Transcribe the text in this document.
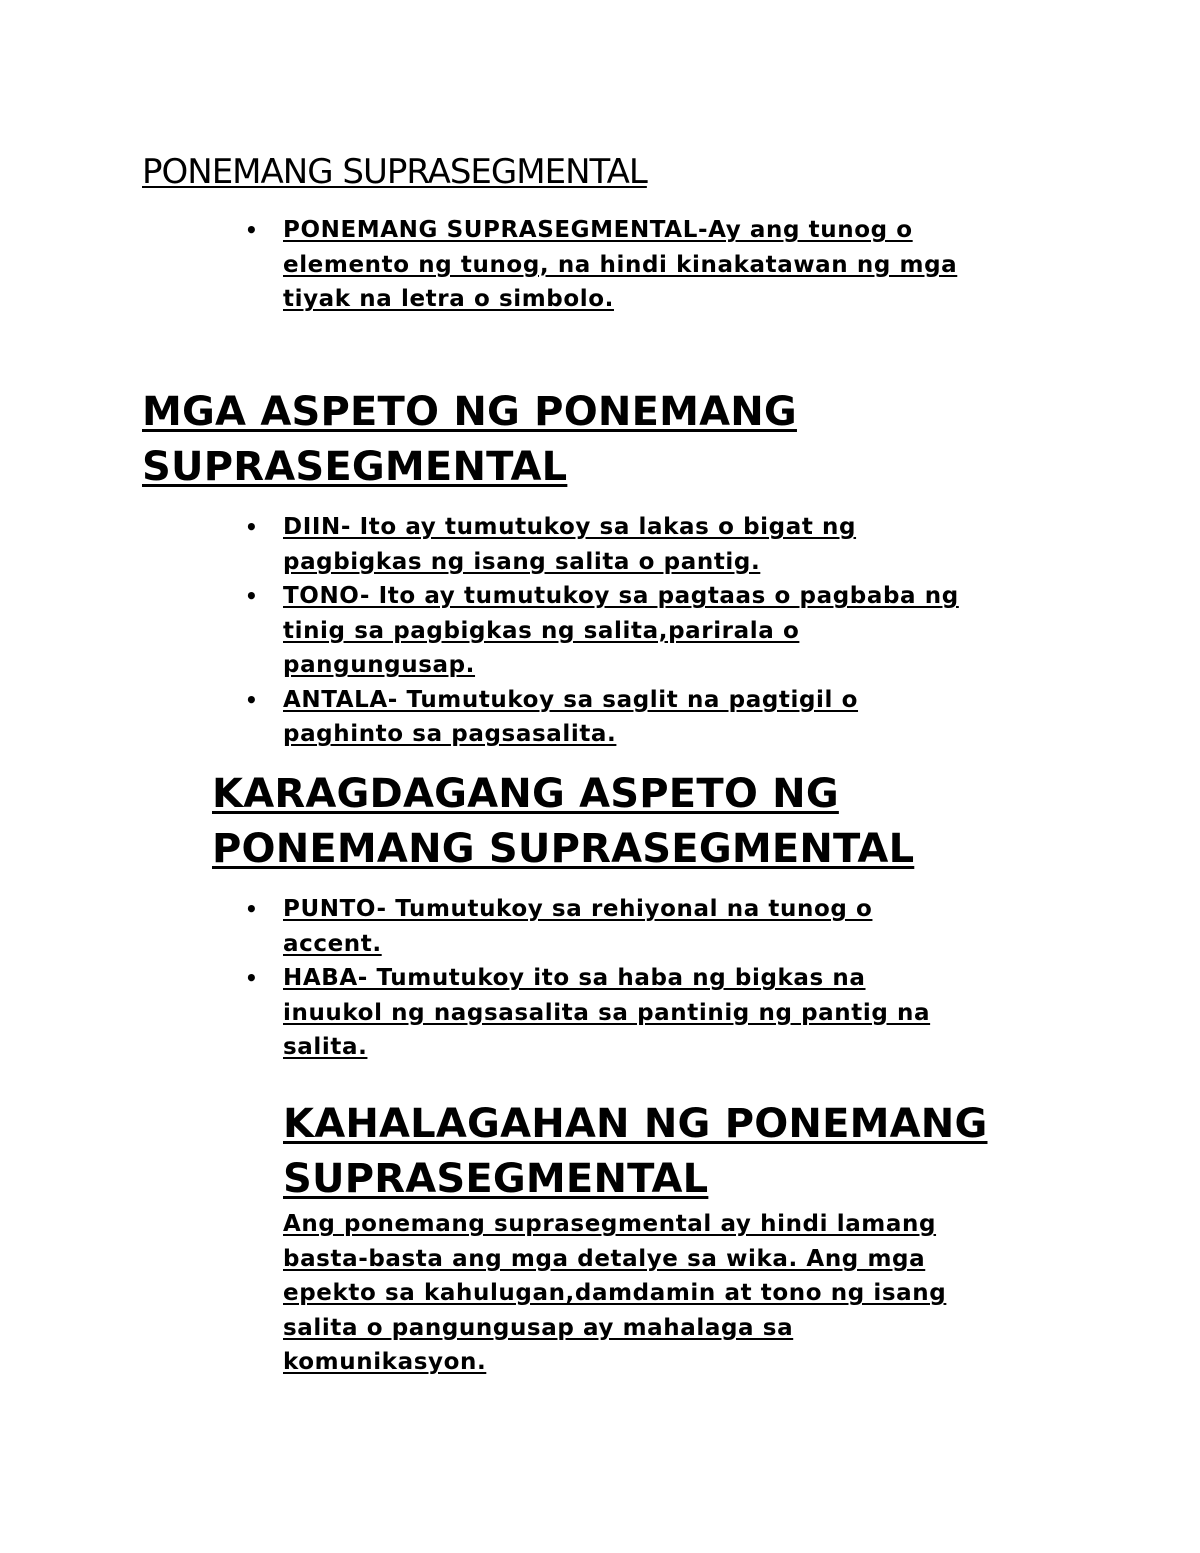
PONEMANG SUPRASEGMENTAL
• PONEMANG SUPRASEGMENTAL-Ay ang tunog o
elemento ng tunog, na hindi kinakatawan ng mga
tiyak na letra o simbolo.
MGA ASPETO NG PONEMANG
SUPRASEGMENTAL
• DIIN- Ito ay tumutukoy sa lakas o bigat ng
pagbigkas ng isang salita o pantig.
• TONO- Ito ay tumutukoy sa pagtaas o pagbaba ng
tinig sa pagbigkas ng salita,parirala o
pangungusap.
• ANTALA- Tumutukoy sa saglit na pagtigil o
paghinto sa pagsasalita.
KARAGDAGANG ASPETO NG
PONEMANG SUPRASEGMENTAL
• PUNTO- Tumutukoy sa rehiyonal na tunog o
accent.
• HABA- Tumutukoy ito sa haba ng bigkas na
inuukol ng nagsasalita sa pantinig ng pantig na
salita.
KAHALAGAHAN NG PONEMANG
SUPRASEGMENTAL

Ang ponemang suprasegmental ay hindi lamang
basta-basta ang mga detalye sa wika. Ang mga
epekto sa kahulugan,damdamin at tono ng isang
salita o pangungusap ay mahalaga sa
komunikasyon.
